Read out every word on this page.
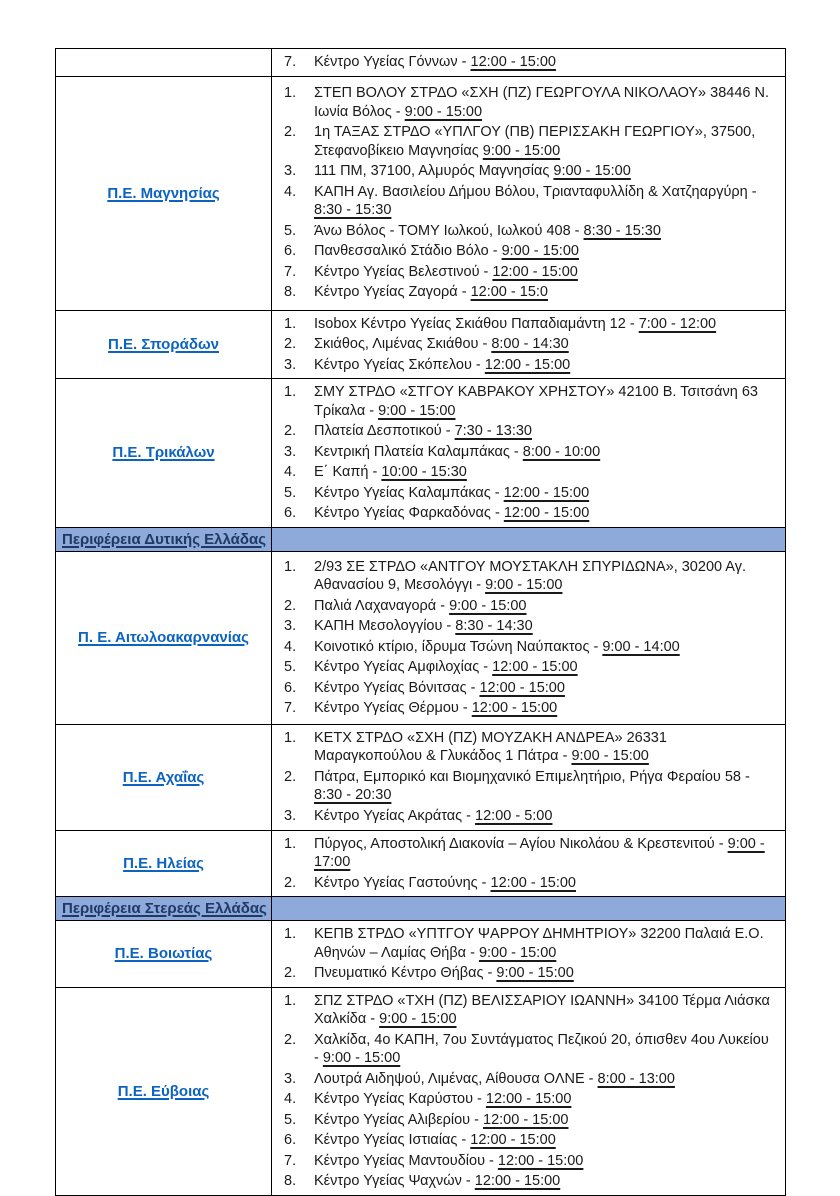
7.	Κέντρο Υγείας Γόννων - 12:00 - 15:00
Π.Ε. Μαγνησίας
1.	ΣΤΕΠ ΒΟΛΟΥ ΣΤΡΔΟ «ΣΧΗ (ΠΖ) ΓΕΩΡΓΟΥΛΑ ΝΙΚΟΛΑΟΥ» 38446 Ν. Ιωνία Βόλος - 9:00 - 15:00
2.	1η ΤΑΞΑΣ ΣΤΡΔΟ «ΥΠΛΓΟΥ (ΠΒ) ΠΕΡΙΣΣΑΚΗ ΓΕΩΡΓΙΟΥ», 37500, Στεφανοβίκειο Μαγνησίας 9:00 - 15:00
3.	111 ΠΜ, 37100, Αλμυρός Μαγνησίας 9:00 - 15:00
4.	ΚΑΠΗ Αγ. Βασιλείου Δήμου Βόλου, Τριανταφυλλίδη & Χατζηαργύρη - 8:30 - 15:30
5.	Άνω Βόλος - ΤΟΜΥ Ιωλκού, Ιωλκού 408 - 8:30 - 15:30
6.	Πανθεσσαλικό Στάδιο Βόλο - 9:00 - 15:00
7.	Κέντρο Υγείας Βελεστινού - 12:00 - 15:00
8.	Κέντρο Υγείας Ζαγορά - 12:00 - 15:0
Π.Ε. Σποράδων
1.	Isobox Κέντρο Υγείας Σκιάθου Παπαδιαμάντη 12 - 7:00 - 12:00
2.	Σκιάθος, Λιμένας Σκιάθου - 8:00 - 14:30
3.	Κέντρο Υγείας Σκόπελου - 12:00 - 15:00
Π.Ε. Τρικάλων
1.	ΣΜΥ ΣΤΡΔΟ «ΣΤΓΟΥ ΚΑΒΡΑΚΟΥ ΧΡΗΣΤΟΥ» 42100 Β. Τσιτσάνη 63 Τρίκαλα - 9:00 - 15:00
2.	Πλατεία Δεσποτικού - 7:30 - 13:30
3.	Κεντρική Πλατεία Καλαμπάκας - 8:00 - 10:00
4.	Ε΄ Καπή - 10:00 - 15:30
5.	Κέντρο Υγείας Καλαμπάκας - 12:00 - 15:00
6.	Κέντρο Υγείας Φαρκαδόνας - 12:00 - 15:00
Περιφέρεια Δυτικής Ελλάδας
Π. Ε. Αιτωλοακαρνανίας
1.	2/93 ΣΕ ΣΤΡΔΟ «ΑΝΤΓΟΥ ΜΟΥΣΤΑΚΛΗ ΣΠΥΡΙΔΩΝΑ», 30200 Αγ. Αθανασίου 9, Μεσολόγγι - 9:00 - 15:00
2.	Παλιά Λαχαναγορά - 9:00 - 15:00
3.	ΚΑΠΗ Μεσολογγίου - 8:30 - 14:30
4.	Κοινοτικό κτίριο, ίδρυμα Τσώνη Ναύπακτος - 9:00 - 14:00
5.	Κέντρο Υγείας Αμφιλοχίας - 12:00 - 15:00
6.	Κέντρο Υγείας Βόνιτσας - 12:00 - 15:00
7.	Κέντρο Υγείας Θέρμου - 12:00 - 15:00
Π.Ε. Αχαΐας
1.	ΚΕΤΧ ΣΤΡΔΟ «ΣΧΗ (ΠΖ) ΜΟΥΖΑΚΗ ΑΝΔΡΕΑ» 26331 Μαραγκοπούλου & Γλυκάδος 1 Πάτρα - 9:00 - 15:00
2.	Πάτρα, Εμπορικό και Βιομηχανικό Επιμελητήριο, Ρήγα Φεραίου 58 - 8:30 - 20:30
3.	Κέντρο Υγείας Ακράτας - 12:00 - 5:00
Π.Ε. Ηλείας
1.	Πύργος, Αποστολική Διακονία – Αγίου Νικολάου & Κρεστενιτού - 9:00 - 17:00
2.	Κέντρο Υγείας Γαστούνης - 12:00 - 15:00
Περιφέρεια Στερεάς Ελλάδας
Π.Ε. Βοιωτίας
1.	ΚΕΠΒ ΣΤΡΔΟ «ΥΠΤΓΟΥ ΨΑΡΡΟΥ ΔΗΜΗΤΡΙΟΥ» 32200 Παλαιά Ε.Ο. Αθηνών – Λαμίας Θήβα - 9:00 - 15:00
2.	Πνευματικό Κέντρο Θήβας - 9:00 - 15:00
Π.Ε. Εύβοιας
1.	ΣΠΖ ΣΤΡΔΟ «ΤΧΗ (ΠΖ) ΒΕΛΙΣΣΑΡΙΟΥ ΙΩΑΝΝΗ» 34100 Τέρμα Λιάσκα Χαλκίδα - 9:00 - 15:00
2.	Χαλκίδα, 4ο ΚΑΠΗ, 7ου Συντάγματος Πεζικού 20, όπισθεν 4ου Λυκείου - 9:00 - 15:00
3.	Λουτρά Αιδηψού, Λιμένας, Αίθουσα ΟΛΝΕ - 8:00 - 13:00
4.	Κέντρο Υγείας Καρύστου - 12:00 - 15:00
5.	Κέντρο Υγείας Αλιβερίου - 12:00 - 15:00
6.	Κέντρο Υγείας Ιστιαίας - 12:00 - 15:00
7.	Κέντρο Υγείας Μαντουδίου - 12:00 - 15:00
8.	Κέντρο Υγείας Ψαχνών - 12:00 - 15:00
